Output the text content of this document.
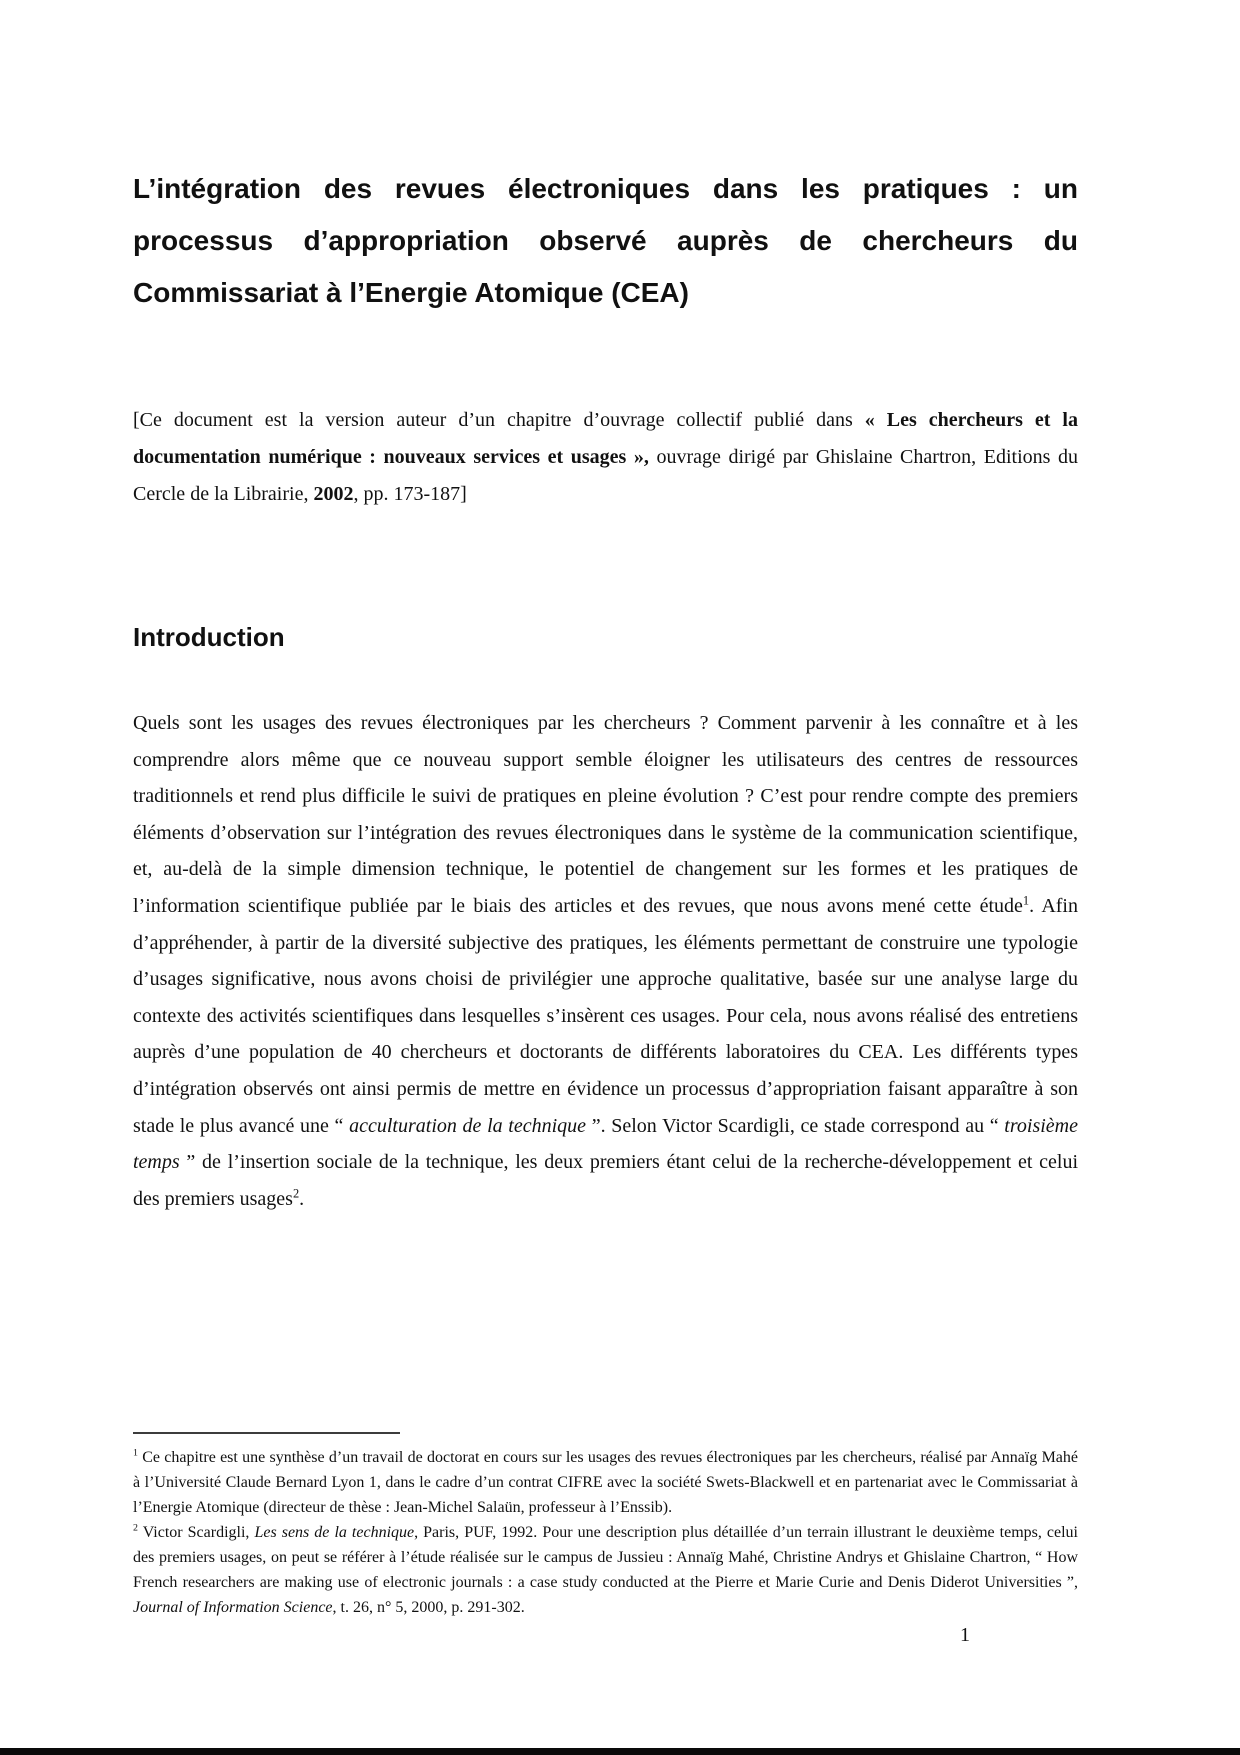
L’intégration des revues électroniques dans les pratiques : un
processus d’appropriation observé auprès de chercheurs du
Commissariat à l’Energie Atomique (CEA)
[Ce document est la version auteur d’un chapitre d’ouvrage collectif publié dans « Les chercheurs et la documentation numérique : nouveaux services et usages », ouvrage dirigé par Ghislaine Chartron, Editions du Cercle de la Librairie, 2002, pp. 173-187]
Introduction
Quels sont les usages des revues électroniques par les chercheurs ? Comment parvenir à les connaître et à les comprendre alors même que ce nouveau support semble éloigner les utilisateurs des centres de ressources traditionnels et rend plus difficile le suivi de pratiques en pleine évolution ? C’est pour rendre compte des premiers éléments d’observation sur l’intégration des revues électroniques dans le système de la communication scientifique, et, au-delà de la simple dimension technique, le potentiel de changement sur les formes et les pratiques de l’information scientifique publiée par le biais des articles et des revues, que nous avons mené cette étude$^1$. Afin d’appréhender, à partir de la diversité subjective des pratiques, les éléments permettant de construire une typologie d’usages significative, nous avons choisi de privilégier une approche qualitative, basée sur une analyse large du contexte des activités scientifiques dans lesquelles s’insèrent ces usages. Pour cela, nous avons réalisé des entretiens auprès d’une population de 40 chercheurs et doctorants de différents laboratoires du CEA. Les différents types d’intégration observés ont ainsi permis de mettre en évidence un processus d’appropriation faisant apparaître à son stade le plus avancé une “ acculturation de la technique ”. Selon Victor Scardigli, ce stade correspond au “ troisième temps ” de l’insertion sociale de la technique, les deux premiers étant celui de la recherche-développement et celui des premiers usages$^2$.

$^1$ Ce chapitre est une synthèse d’un travail de doctorat en cours sur les usages des revues électroniques par les chercheurs, réalisé par Annaïg Mahé à l’Université Claude Bernard Lyon 1, dans le cadre d’un contrat CIFRE avec la société Swets-Blackwell et en partenariat avec le Commissariat à l’Energie Atomique (directeur de thèse : Jean-Michel Salaün, professeur à l’Enssib).

$^2$ Victor Scardigli, Les sens de la technique, Paris, PUF, 1992. Pour une description plus détaillée d’un terrain illustrant le deuxième temps, celui des premiers usages, on peut se référer à l’étude réalisée sur le campus de Jussieu : Annaïg Mahé, Christine Andrys et Ghislaine Chartron, “ How French researchers are making use of electronic journals : a case study conducted at the Pierre et Marie Curie and Denis Diderot Universities ”, Journal of Information Science, t. 26, n° 5, 2000, p. 291-302.

1
